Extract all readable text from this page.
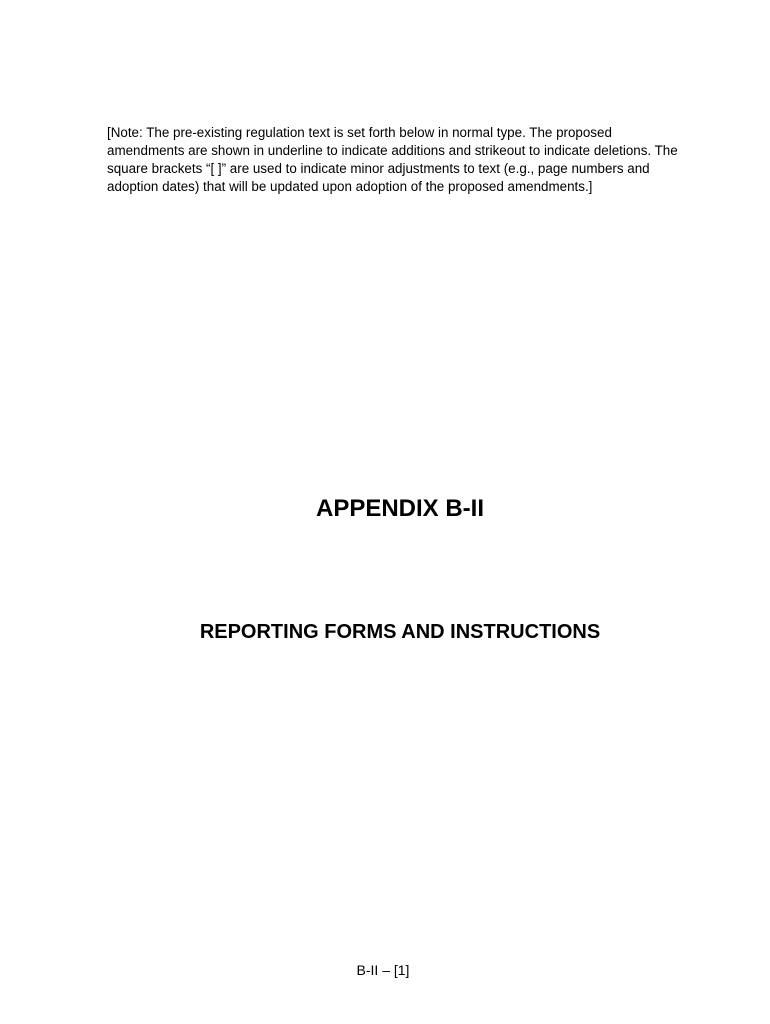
[Note: The pre-existing regulation text is set forth below in normal type. The proposed amendments are shown in underline to indicate additions and strikeout to indicate deletions. The square brackets “[ ]” are used to indicate minor adjustments to text (e.g., page numbers and adoption dates) that will be updated upon adoption of the proposed amendments.]

APPENDIX B-II
REPORTING FORMS AND INSTRUCTIONS
B-II – [1]
